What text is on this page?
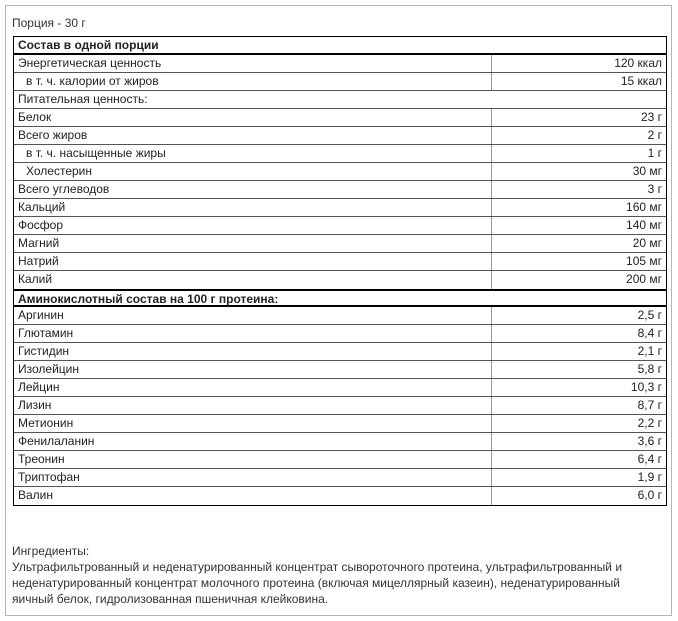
Порция - 30 г
Состав в одной порции
Энергетическая ценность	120 ккал
в т. ч. калории от жиров	15 ккал
Питательная ценность:
Белок	23 г
Всего жиров	2 г
в т. ч. насыщенные жиры	1 г
Холестерин	30 мг
Всего углеводов	3 г
Кальций	160 мг
Фосфор	140 мг
Магний	20 мг
Натрий	105 мг
Калий	200 мг
Аминокислотный состав на 100 г протеина:
Аргинин	2,5 г
Глютамин	8,4 г
Гистидин	2,1 г
Изолейцин	5,8 г
Лейцин	10,3 г
Лизин	8,7 г
Метионин	2,2 г
Фенилаланин	3,6 г
Треонин	6,4 г
Триптофан	1,9 г
Валин	6,0 г
Ингредиенты:
Ультрафильтрованный и неденатурированный концентрат сывороточного протеина, ультрафильтрованный и неденатурированный концентрат молочного протеина (включая мицеллярный казеин), неденатурированный яичный белок, гидролизованная пшеничная клейковина.
